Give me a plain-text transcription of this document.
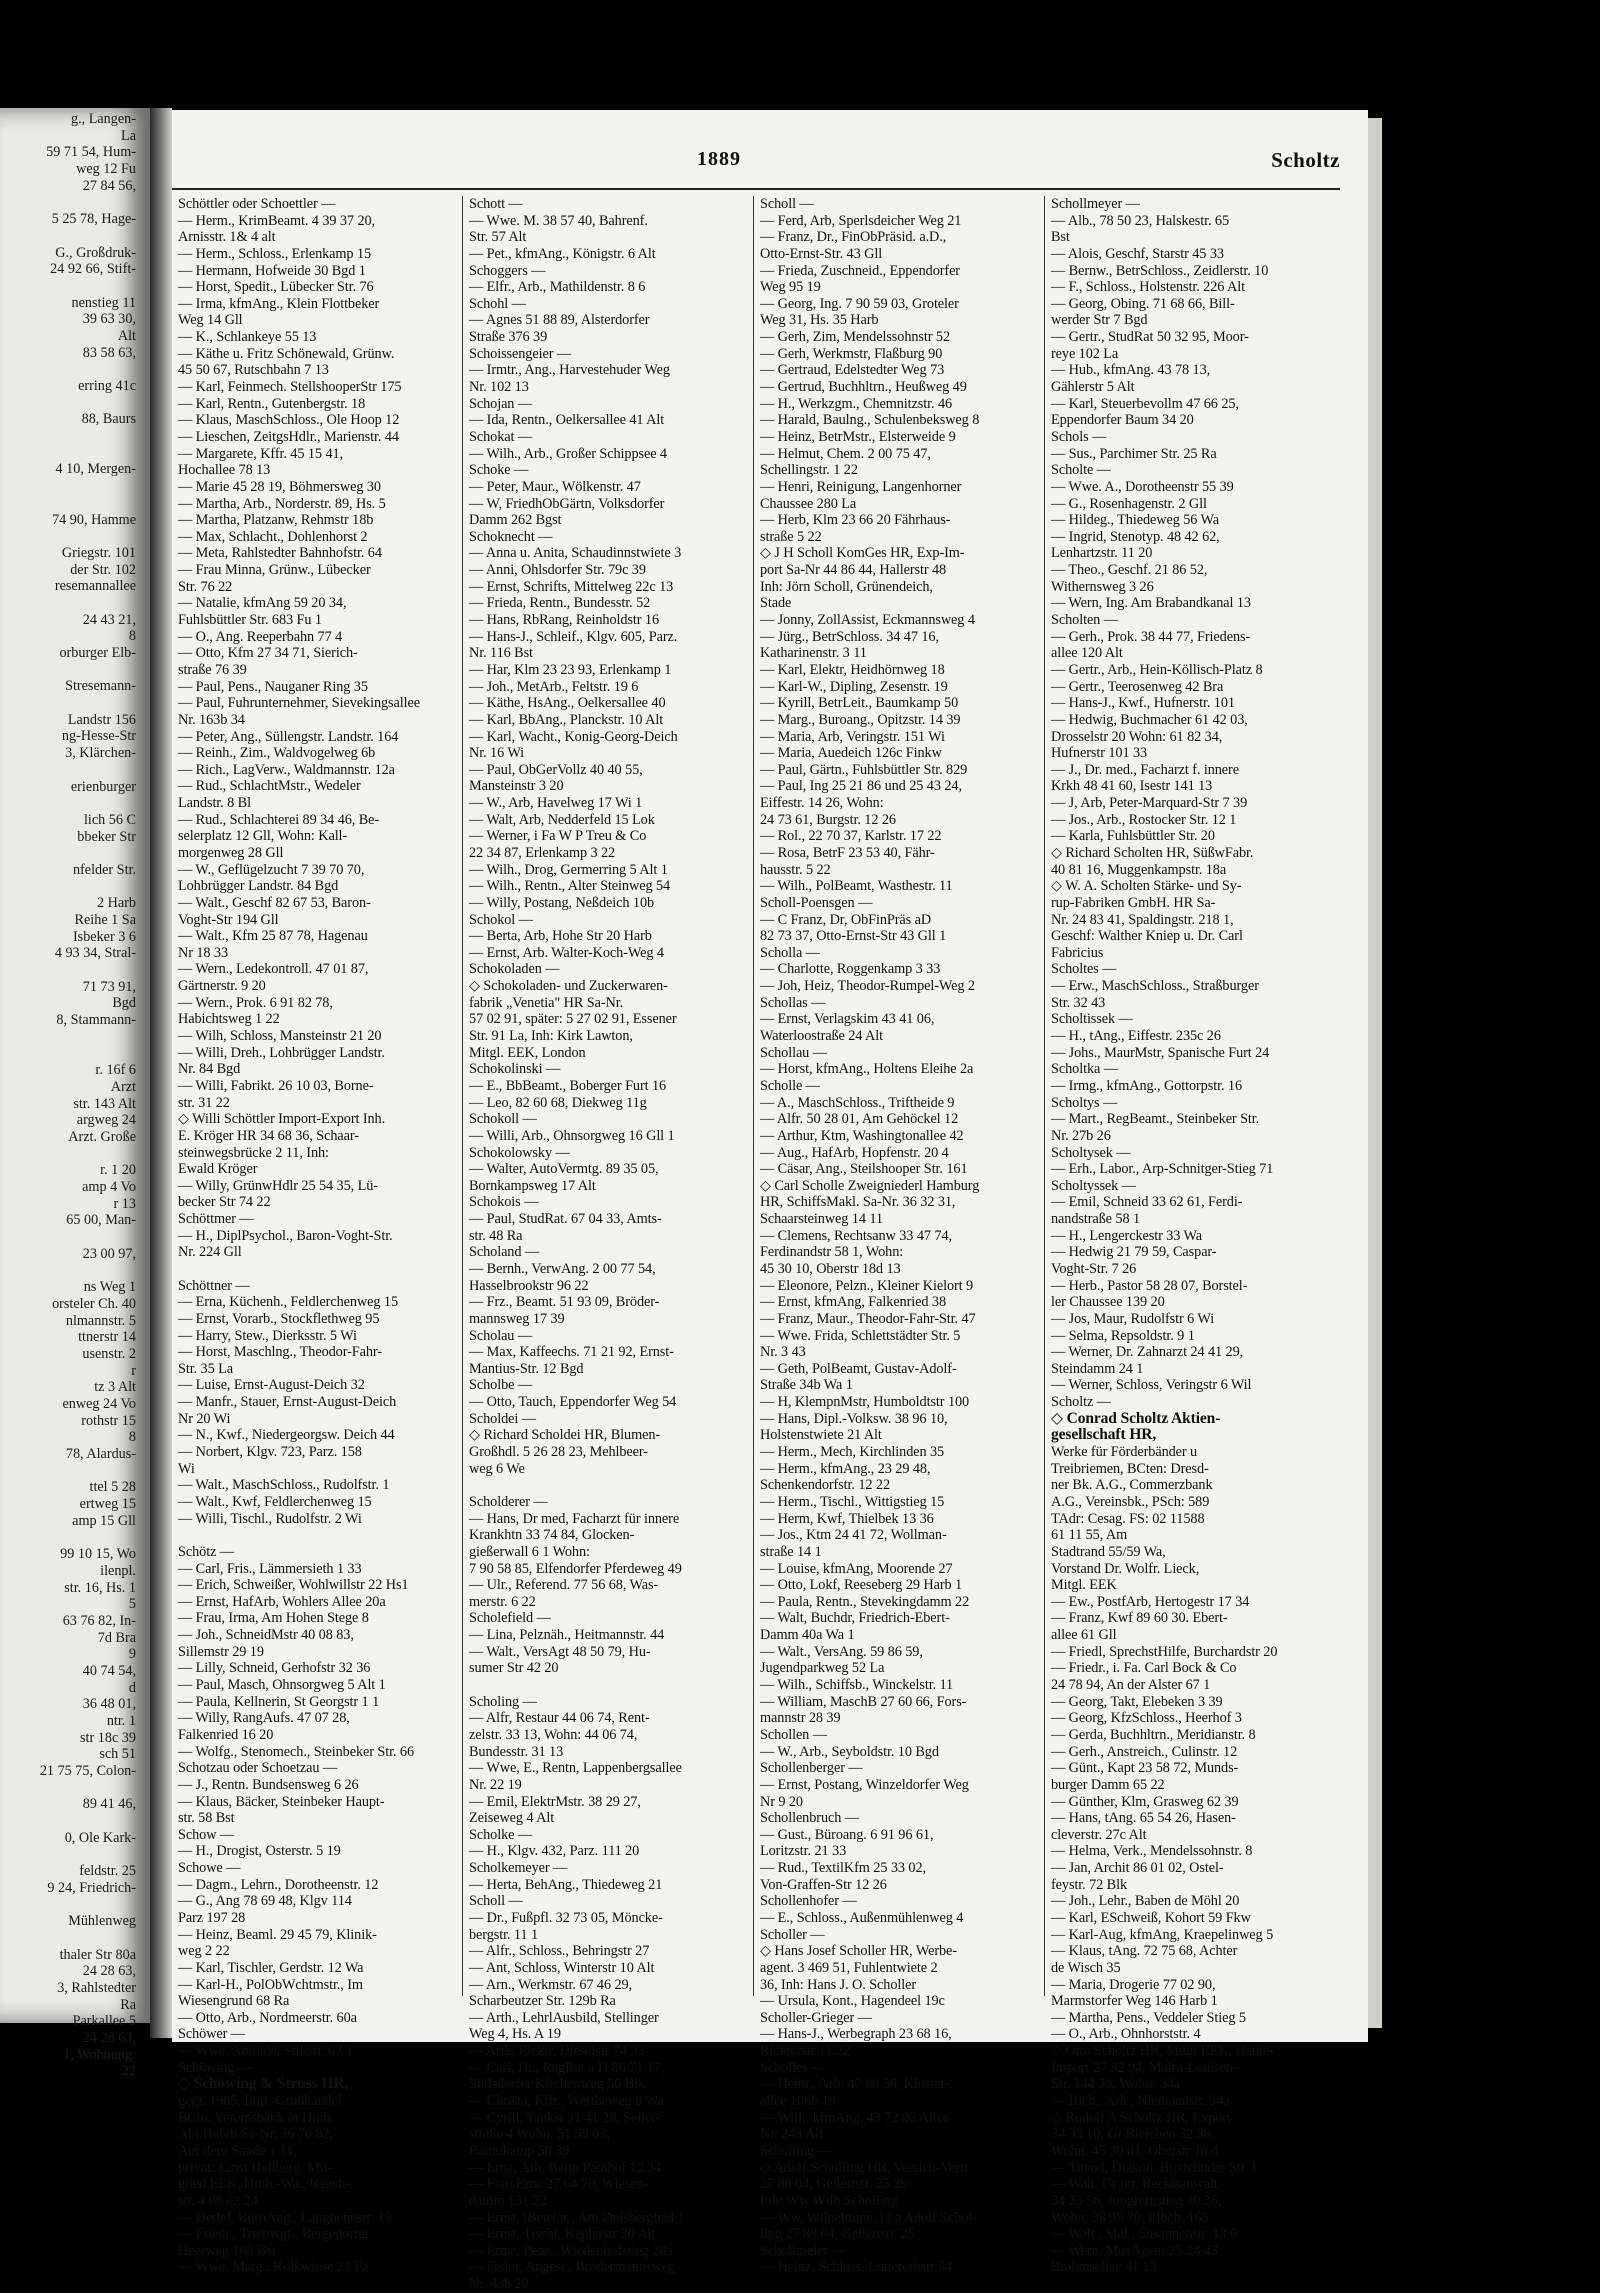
g., Langen-
La
59 71 54, Hum-
weg 12 Fu
27 84 56,
5 25 78, Hage-
G., Großdruk-
24 92 66, Stift-
nenstieg 11
39 63 30,
Alt
83 58 63,
erring 41c
88, Baurs
4 10, Mergen-
74 90, Hamme
Griegstr. 101
der Str. 102
resemannallee
24 43 21,
8
orburger Elb-
Stresemann-
Landstr 156
ng-Hesse-Str
3, Klärchen-
erienburger
lich 56 C
bbeker Str
nfelder Str.
2 Harb
Reihe 1 Sa
Isbeker 3 6
4 93 34, Stral-
71 73 91,
Bgd
8, Stammann-
r. 16f 6
Arzt
str. 143 Alt
argweg 24
Arzt. Große
r. 1 20
amp 4 Vo
r 13
65 00, Man-
23 00 97,
ns Weg 1
orsteler Ch. 40
nlmannstr. 5
ttnerstr 14
usenstr. 2
r
tz 3 Alt
enweg 24 Vo
rothstr 15
8
78, Alardus-
ttel 5 28
ertweg 15
amp 15 Gll
99 10 15, Wo
ilenpl.
str. 16, Hs. 1
5
63 76 82, In-
7d Bra
9
40 74 54,
d
36 48 01,
ntr. 1
str 18c 39
sch 51
21 75 75, Colon-
89 41 46,
0, Ole Kark-
feldstr. 25
9 24, Friedrich-
Mühlenweg
thaler Str 80a
24 28 63,
3, Rahlstedter
Ra
Parkallee 5
24 28 63,
1, Wohnung:
22
1889	Scholtz
Schöttler oder Schoettler —
— Herm., KrimBeamt. 4 39 37 20,
Arnisstr. 1& 4 alt
— Herm., Schloss., Erlenkamp 15
— Hermann, Hofweide 30 Bgd 1
— Horst, Spedit., Lübecker Str. 76
— Irma, kfmAng., Klein Flottbeker
Weg 14 Gll
— K., Schlankeye 55 13
— Käthe u. Fritz Schönewald, Grünw.
45 50 67, Rutschbahn 7 13
— Karl, Feinmech. StellshooperStr 175
— Karl, Rentn., Gutenbergstr. 18
— Klaus, MaschSchloss., Ole Hoop 12
— Lieschen, ZeitgsHdlr., Marienstr. 44
— Margarete, Kffr. 45 15 41,
Hochallee 78 13
— Marie 45 28 19, Böhmersweg 30
— Martha, Arb., Norderstr. 89, Hs. 5
— Martha, Platzanw, Rehmstr 18b
— Max, Schlacht., Dohlenhorst 2
— Meta, Rahlstedter Bahnhofstr. 64
— Frau Minna, Grünw., Lübecker
Str. 76 22
— Natalie, kfmAng 59 20 34,
Fuhlsbüttler Str. 683 Fu 1
— O., Ang. Reeperbahn 77 4
— Otto, Kfm 27 34 71, Sierich-
straße 76 39
— Paul, Pens., Nauganer Ring 35
— Paul, Fuhrunternehmer, Sievekingsallee
Nr. 163b 34
— Peter, Ang., Süllengstr. Landstr. 164
— Reinh., Zim., Waldvogelweg 6b
— Rich., LagVerw., Waldmannstr. 12a
— Rud., SchlachtMstr., Wedeler
Landstr. 8 Bl
— Rud., Schlachterei 89 34 46, Be-
selerplatz 12 Gll, Wohn: Kall-
morgenweg 28 Gll
— W., Geflügelzucht 7 39 70 70,
Lohbrügger Landstr. 84 Bgd
— Walt., Geschf 82 67 53, Baron-
Voght-Str 194 Gll
— Walt., Kfm 25 87 78, Hagenau
Nr 18 33
— Wern., Ledekontroll. 47 01 87,
Gärtnerstr. 9 20
— Wern., Prok. 6 91 82 78,
Habichtsweg 1 22
— Wilh, Schloss, Mansteinstr 21 20
— Willi, Dreh., Lohbrügger Landstr.
Nr. 84 Bgd
— Willi, Fabrikt. 26 10 03, Borne-
str. 31 22
◇ Willi Schöttler Import-Export Inh.
E. Kröger HR 34 68 36, Schaar-
steinwegsbrücke 2 11, Inh:
Ewald Kröger
— Willy, GrünwHdlr 25 54 35, Lü-
becker Str 74 22
Schöttmer —
— H., DiplPsychol., Baron-Voght-Str.
Nr. 224 Gll
Schöttner —
— Erna, Küchenh., Feldlerchenweg 15
— Ernst, Vorarb., Stockflethweg 95
— Harry, Stew., Dierksstr. 5 Wi
— Horst, Maschlng., Theodor-Fahr-
Str. 35 La
— Luise, Ernst-August-Deich 32
— Manfr., Stauer, Ernst-August-Deich
Nr 20 Wi
— N., Kwf., Niedergeorgsw. Deich 44
— Norbert, Klgv. 723, Parz. 158
Wi
— Walt., MaschSchloss., Rudolfstr. 1
— Walt., Kwf, Feldlerchenweg 15
— Willi, Tischl., Rudolfstr. 2 Wi
Schötz —
— Carl, Fris., Lämmersieth 1 33
— Erich, Schweißer, Wohlwillstr 22 Hs1
— Ernst, HafArb, Wohlers Allee 20a
— Frau, Irma, Am Hohen Stege 8
— Joh., SchneidMstr 40 08 83,
Sillemstr 29 19
— Lilly, Schneid, Gerhofstr 32 36
— Paul, Masch, Ohnsorgweg 5 Alt 1
— Paula, Kellnerin, St Georgstr 1 1
— Willy, RangAufs. 47 07 28,
Falkenried 16 20
— Wolfg., Stenomech., Steinbeker Str. 66
Schotzau oder Schoetzau —
— J., Rentn. Bundsensweg 6 26
— Klaus, Bäcker, Steinbeker Haupt-
str. 58 Bst
Schow —
— H., Drogist, Osterstr. 5 19
Schowe —
— Dagm., Lehrn., Dorotheenstr. 12
— G., Ang 78 69 48, Klgv 114
Parz 197 28
— Heinz, Beaml. 29 45 79, Klinik-
weg 2 22
— Karl, Tischler, Gerdstr. 12 Wa
— Karl-H., PolObWchtmstr., Im
Wiesengrund 68 Ra
— Otto, Arb., Nordmeerstr. 60a
Schöwer —
— Wwe. Antonie, Stiftstr. 67 1
Schöwing —
◇ Schöwing & Struss HR,
gegr. 1905, Imp.-Großhandel
BCto. Vereinsbank in Hmb.
Abt.Hafen Sa-Nr. 36 70 82,
Auf dem Sande 1 11,
privat: Ernst Hellberg, Mit-
glied EEK, Hmb.-Wa., Rauch-
str. 4 68 62 24
— Detlef, BüroAng., Langbehnstr. 15
— Friedr., Triebwgf., Bergedorfer
Heerweg 163 Bst
— Wwe, Marg., Kolkwiese 23 Fa
Schott —
— Wwe. M. 38 57 40, Bahrenf.
Str. 57 Alt
— Pet., kfmAng., Königstr. 6 Alt
Schoggers —
— Elfr., Arb., Mathildenstr. 8 6
Schohl —
— Agnes 51 88 89, Alsterdorfer
Straße 376 39
Schoissengeier —
— Irmtr., Ang., Harvestehuder Weg
Nr. 102 13
Schojan —
— Ida, Rentn., Oelkersallee 41 Alt
Schokat —
— Wilh., Arb., Großer Schippsee 4
Schoke —
— Peter, Maur., Wölkenstr. 47
— W, FriedhObGärtn, Volksdorfer
Damm 262 Bgst
Schoknecht —
— Anna u. Anita, Schaudinnstwiete 3
— Anni, Ohlsdorfer Str. 79c 39
— Ernst, Schrifts, Mittelweg 22c 13
— Frieda, Rentn., Bundesstr. 52
— Hans, RbRang, Reinholdstr 16
— Hans-J., Schleif., Klgv. 605, Parz.
Nr. 116 Bst
— Har, Klm 23 23 93, Erlenkamp 1
— Joh., MetArb., Feltstr. 19 6
— Käthe, HsAng., Oelkersallee 40
— Karl, BbAng., Planckstr. 10 Alt
— Karl, Wacht., Konig-Georg-Deich
Nr. 16 Wi
— Paul, ObGerVollz 40 40 55,
Mansteinstr 3 20
— W., Arb, Havelweg 17 Wi 1
— Walt, Arb, Nedderfeld 15 Lok
— Werner, i Fa W P Treu & Co
22 34 87, Erlenkamp 3 22
— Wilh., Drog, Germerring 5 Alt 1
— Wilh., Rentn., Alter Steinweg 54
— Willy, Postang, Neßdeich 10b
Schokol —
— Berta, Arb, Hohe Str 20 Harb
— Ernst, Arb. Walter-Koch-Weg 4
Schokoladen —
◇ Schokoladen- und Zuckerwaren-
fabrik „Venetia" HR Sa-Nr.
57 02 91, später: 5 27 02 91, Essener
Str. 91 La, Inh: Kirk Lawton,
Mitgl. EEK, London
Schokolinski —
— E., BbBeamt., Boberger Furt 16
— Leo, 82 60 68, Diekweg 11g
Schokoll —
— Willi, Arb., Ohnsorgweg 16 Gll 1
Schokolowsky —
— Walter, AutoVermtg. 89 35 05,
Bornkampsweg 17 Alt
Schokois —
— Paul, StudRat. 67 04 33, Amts-
str. 48 Ra
Scholand —
— Bernh., VerwAng. 2 00 77 54,
Hasselbrookstr 96 22
— Frz., Beamt. 51 93 09, Bröder-
mannsweg 17 39
Scholau —
— Max, Kaffeechs. 71 21 92, Ernst-
Mantius-Str. 12 Bgd
Scholbe —
— Otto, Tauch, Eppendorfer Weg 54
Scholdei —
◇ Richard Scholdei HR, Blumen-
Großhdl. 5 26 28 23, Mehlbeer-
weg 6 We
Scholderer —
— Hans, Dr med, Facharzt für innere
Krankhtn 33 74 84, Glocken-
gießerwall 6 1 Wohn:
7 90 58 85, Elfendorfer Pferdeweg 49
— Ulr., Referend. 77 56 68, Was-
merstr. 6 22
Scholefield —
— Lina, Pelznäh., Heitmannstr. 44
— Walt., VersAgt 48 50 79, Hu-
sumer Str 42 20
Scholing —
— Alfr, Restaur 44 06 74, Rent-
zelstr. 33 13, Wohn: 44 06 74,
Bundesstr. 31 13
— Wwe, E., Rentn, Lappenbergsallee
Nr. 22 19
— Emil, ElektrMstr. 38 29 27,
Zeiseweg 4 Alt
Scholke —
— H., Klgv. 432, Parz. 111 20
Scholkemeyer —
— Herta, BehAng., Thiedeweg 21
Scholl —
— Dr., Fußpfl. 32 73 05, Mönckе-
bergstr. 11 1
— Alfr., Schloss., Behringstr 27
— Ant, Schloss, Winterstr 10 Alt
— Arn., Werkmstr. 67 46 29,
Scharbeutzer Str. 129b Ra
— Arth., LehrlAusbild, Stellinger
Weg 4, Hs. A 19
— Arth, Elektr, Dieselstr 74 33
— Carl, Dr., RegRat a D 86 71 17,
Süllsdorfer Kirchenweg 50 Blk
— Christa, Kffr., Wertheweg 8 Wa
— Cyrill, Tankst 31 41 28, Seiler-
straße 4 Wohn: 51 99 03,
Baumkamp 50 39
— Erna, Arb, Beim Padthof 12 34
— Frau Erna 27 64 70, Wiesen-
damm 131 22
— Ernst, tBetrLtr., Am Dulsbergbad 1
— Ernst, Tischl, Keplerstr 30 Alt
— Ernst, Pens., Wiedenhofstieg 20a
— Fedor, Angest., Brödermannsweg
Nr. 43b 20
Scholl —
— Ferd, Arb, Sperlsdeicher Weg 21
— Franz, Dr., FinObPräsid. a.D.,
Otto-Ernst-Str. 43 Gll
— Frieda, Zuschneid., Eppendorfer
Weg 95 19
— Georg, Ing. 7 90 59 03, Groteler
Weg 31, Hs. 35 Harb
— Gerh, Zim, Mendelssohnstr 52
— Gerh, Werkmstr, Flaßburg 90
— Gertraud, Edelstedter Weg 73
— Gertrud, Buchhltrn., Heußweg 49
— H., Werkzgm., Chemnitzstr. 46
— Harald, Baulng., Schulenbeksweg 8
— Heinz, BetrMstr., Elsterweide 9
— Helmut, Chem. 2 00 75 47,
Schellingstr. 1 22
— Henri, Reinigung, Langenhorner
Chaussee 280 La
— Herb, Klm 23 66 20 Fährhaus-
straße 5 22
◇ J H Scholl KomGes HR, Exp-Im-
port Sa-Nr 44 86 44, Hallerstr 48
Inh: Jörn Scholl, Grünendeich,
Stade
— Jonny, ZollAssist, Eckmannsweg 4
— Jürg., BetrSchloss. 34 47 16,
Katharinenstr. 3 11
— Karl, Elektr, Heidhörnweg 18
— Karl-W., Dipling, Zesenstr. 19
— Kyrill, BetrLeit., Baumkamp 50
— Marg., Buroang., Opitzstr. 14 39
— Maria, Arb, Veringstr. 151 Wi
— Maria, Auedeich 126c Finkw
— Paul, Gärtn., Fuhlsbüttler Str. 829
— Paul, Ing 25 21 86 und 25 43 24,
Eiffestr. 14 26, Wohn:
24 73 61, Burgstr. 12 26
— Rol., 22 70 37, Karlstr. 17 22
— Rosa, BetrF 23 53 40, Fähr-
hausstr. 5 22
— Wilh., PolBeamt, Wasthestr. 11
Scholl-Poensgen —
— C Franz, Dr, ObFinPräs aD
82 73 37, Otto-Ernst-Str 43 Gll 1
Scholla —
— Charlotte, Roggenkamp 3 33
— Joh, Heiz, Theodor-Rumpel-Weg 2
Schollas —
— Ernst, Verlagskim 43 41 06,
Waterloostraße 24 Alt
Schollau —
— Horst, kfmAng., Holtens Eleihe 2a
Scholle —
— A., MaschSchloss., Triftheide 9
— Alfr. 50 28 01, Am Gehöckel 12
— Arthur, Ktm, Washingtonallee 42
— Aug., HafArb, Hopfenstr. 20 4
— Cäsar, Ang., Steilshooper Str. 161
◇ Carl Scholle Zweigniederl Hamburg
HR, SchiffsMakl. Sa-Nr. 36 32 31,
Schaarsteinweg 14 11
— Clemens, Rechtsanw 33 47 74,
Ferdinandstr 58 1, Wohn:
45 30 10, Oberstr 18d 13
— Eleonore, Pelzn., Kleiner Kielort 9
— Ernst, kfmAng, Falkenried 38
— Franz, Maur., Theodor-Fahr-Str. 47
— Wwe. Frida, Schlettstädter Str. 5
Nr. 3 43
— Geth, PolBeamt, Gustav-Adolf-
Straße 34b Wa 1
— H, KlempnMstr, Humboldtstr 100
— Hans, Dipl.-Volksw. 38 96 10,
Holstenstwiete 21 Alt
— Herm., Mech, Kirchlinden 35
— Herm., kfmAng., 23 29 48,
Schenkendorfstr. 12 22
— Herm., Tischl., Wittigstieg 15
— Herm, Kwf, Thielbek 13 36
— Jos., Ktm 24 41 72, Wollman-
straße 14 1
— Louise, kfmAng, Moorende 27
— Otto, Lokf, Reeseberg 29 Harb 1
— Paula, Rentn., Stevekingdamm 22
— Walt, Buchdr, Friedrich-Ebert-
Damm 40a Wa 1
— Walt., VersAng. 59 86 59,
Jugendparkweg 52 La
— Wilh., Schiffsb., Winckelstr. 11
— William, MaschB 27 60 66, Fors-
mannstr 28 39
Schollen —
— W., Arb., Seyboldstr. 10 Bgd
Schollenberger —
— Ernst, Postang, Winzeldorfer Weg
Nr 9 20
Schollenbruch —
— Gust., Büroang. 6 91 96 61,
Loritzstr. 21 33
— Rud., TextilKfm 25 33 02,
Von-Graffen-Str 12 26
Schollenhofer —
— E., Schloss., Außenmühlenweg 4
Scholler —
◇ Hans Josef Scholler HR, Werbe-
agent. 3 469 51, Fuhlentwiete 2
36, Inh: Hans J. O. Scholler
— Ursula, Kont., Hagendeel 19c
Scholler-Grieger —
— Hans-J., Werbegraph 23 68 16,
Richterstr 11 22
Scholles —
— Heinr., Arb. 47 80 36, Kloster-
allee 106b 19
— Willi, kfmAng. 43 72 06 Allee
Nr. 243 Alt
Scholling —
◇ Adolf Scholling HR, Versich-Vertr
27 88 04, Gellertstr. 25 39
Inh: Ww Wilh Scholling
— Ww, Wilhelmine, i Fa Adolf Schol-
ling 27 88 04, Gellertstr. 25
Schollmeier —
— Heinz, Schloss, Lutterothstr 54
Schollmeyer —
— Alb., 78 50 23, Halskestr. 65
Bst
— Alois, Geschf, Starstr 45 33
— Bernw., BetrSchloss., Zeidlerstr. 10
— F., Schloss., Holstenstr. 226 Alt
— Georg, Obing. 71 68 66, Bill-
werder Str 7 Bgd
— Gertr., StudRat 50 32 95, Moor-
reye 102 La
— Hub., kfmAng. 43 78 13,
Gählerstr 5 Alt
— Karl, Steuerbevollm 47 66 25,
Eppendorfer Baum 34 20
Schols —
— Sus., Parchimer Str. 25 Ra
Scholte —
— Wwe. A., Dorotheenstr 55 39
— G., Rosenhagenstr. 2 Gll
— Hildeg., Thiedeweg 56 Wa
— Ingrid, Stenotyp. 48 42 62,
Lenhartzstr. 11 20
— Theo., Geschf. 21 86 52,
Withernsweg 3 26
— Wern, Ing. Am Brabandkanal 13
Scholten —
— Gerh., Prok. 38 44 77, Friedens-
allee 120 Alt
— Gertr., Arb., Hein-Köllisch-Platz 8
— Gertr., Teerosenweg 42 Bra
— Hans-J., Kwf., Hufnerstr. 101
— Hedwig, Buchmacher 61 42 03,
Drosselstr 20 Wohn: 61 82 34,
Hufnerstr 101 33
— J., Dr. med., Facharzt f. innere
Krkh 48 41 60, Isestr 141 13
— J, Arb, Peter-Marquard-Str 7 39
— Jos., Arb., Rostocker Str. 12 1
— Karla, Fuhlsbüttler Str. 20
◇ Richard Scholten HR, SüßwFabr.
40 81 16, Muggenkampstr. 18a
◇ W. A. Scholten Stärke- und Sy-
rup-Fabriken GmbH. HR Sa-
Nr. 24 83 41, Spaldingstr. 218 1,
Geschf: Walther Kniep u. Dr. Carl
Fabricius
Scholtes —
— Erw., MaschSchloss., Straßburger
Str. 32 43
Scholtissek —
— H., tAng., Eiffestr. 235c 26
— Johs., MaurMstr, Spanische Furt 24
Scholtka —
— Irmg., kfmAng., Gottorpstr. 16
Scholtys —
— Mart., RegBeamt., Steinbeker Str.
Nr. 27b 26
Scholtysek —
— Erh., Labor., Arp-Schnitger-Stieg 71
Scholtyssek —
— Emil, Schneid 33 62 61, Ferdi-
nandstraße 58 1
— H., Lengerckestr 33 Wa
— Hedwig 21 79 59, Caspar-
Voght-Str. 7 26
— Herb., Pastor 58 28 07, Borstel-
ler Chaussee 139 20
— Jos, Maur, Rudolfstr 6 Wi
— Selma, Repsoldstr. 9 1
— Werner, Dr. Zahnarzt 24 41 29,
Steindamm 24 1
— Werner, Schloss, Veringstr 6 Wil
Scholtz —
◇ Conrad Scholtz Aktien-
gesellschaft HR,
Werke für Förderbänder u
Treibriemen, BCten: Dresd-
ner Bk. A.G., Commerzbank
A.G., Vereinsbk., PSch: 589
TAdr: Cesag. FS: 02 11588
61 11 55, Am
Stadtrand 55/59 Wa,
Vorstand Dr. Wolfr. Lieck,
Mitgl. EEK
— Ew., PostfArb, Hertogestr 17 34
— Franz, Kwf 89 60 30. Ebert-
allee 61 Gll
— Friedl, SprechstHilfe, Burchardstr 20
— Friedr., i. Fa. Carl Bock & Co
24 78 94, An der Alster 67 1
— Georg, Takt, Elebeken 3 39
— Georg, KfzSchloss., Heerhof 3
— Gerda, Buchhltrn., Meridianstr. 8
— Gerh., Anstreich., Culinstr. 12
— Günt., Kapt 23 58 72, Munds-
burger Damm 65 22
— Günther, Klm, Grasweg 62 39
— Hans, tAng. 65 54 26, Hasen-
cleverstr. 27c Alt
— Helma, Verk., Mendelssohnstr. 8
— Jan, Archit 86 01 02, Ostel-
feystr. 72 Blk
— Joh., Lehr., Baben de Möhl 20
— Karl, ESchweiß, Kohort 59 Fkw
— Karl-Aug, kfmAng, Kraepelinweg 5
— Klaus, tAng. 72 75 68, Achter
de Wisch 35
— Maria, Drogerie 77 02 90,
Marmstorfer Weg 146 Harb 1
— Martha, Pens., Veddeler Stieg 5
— O., Arb., Ohnhorststr. 4
◇ Otto Scholtz HR, Mitgl EEK, Häute-
Import 27 32 94, Maira-Louisen-
Str. 144 39, Wohn: 34a
— Rich., Arb., Niemannstr. 34a
◇ Rudolf A Scholtz HR, Export
34 33 10, Gr Bleichen 32 36,
Wohn: 45 30 01, Oberstr 18 d
— Theod, Diakon, Buxtehuder Str 3
— Walt, Dr jur, Rechtsanwalt
34 33 56, Jungfernstieg 30 36,
Wohn: 38 99 70, Elbch. 165
— Walt., Mal., Susannenstr. 13 6
— Wern, MusAgent 25 24 43,
Brahmsallee 41 13
